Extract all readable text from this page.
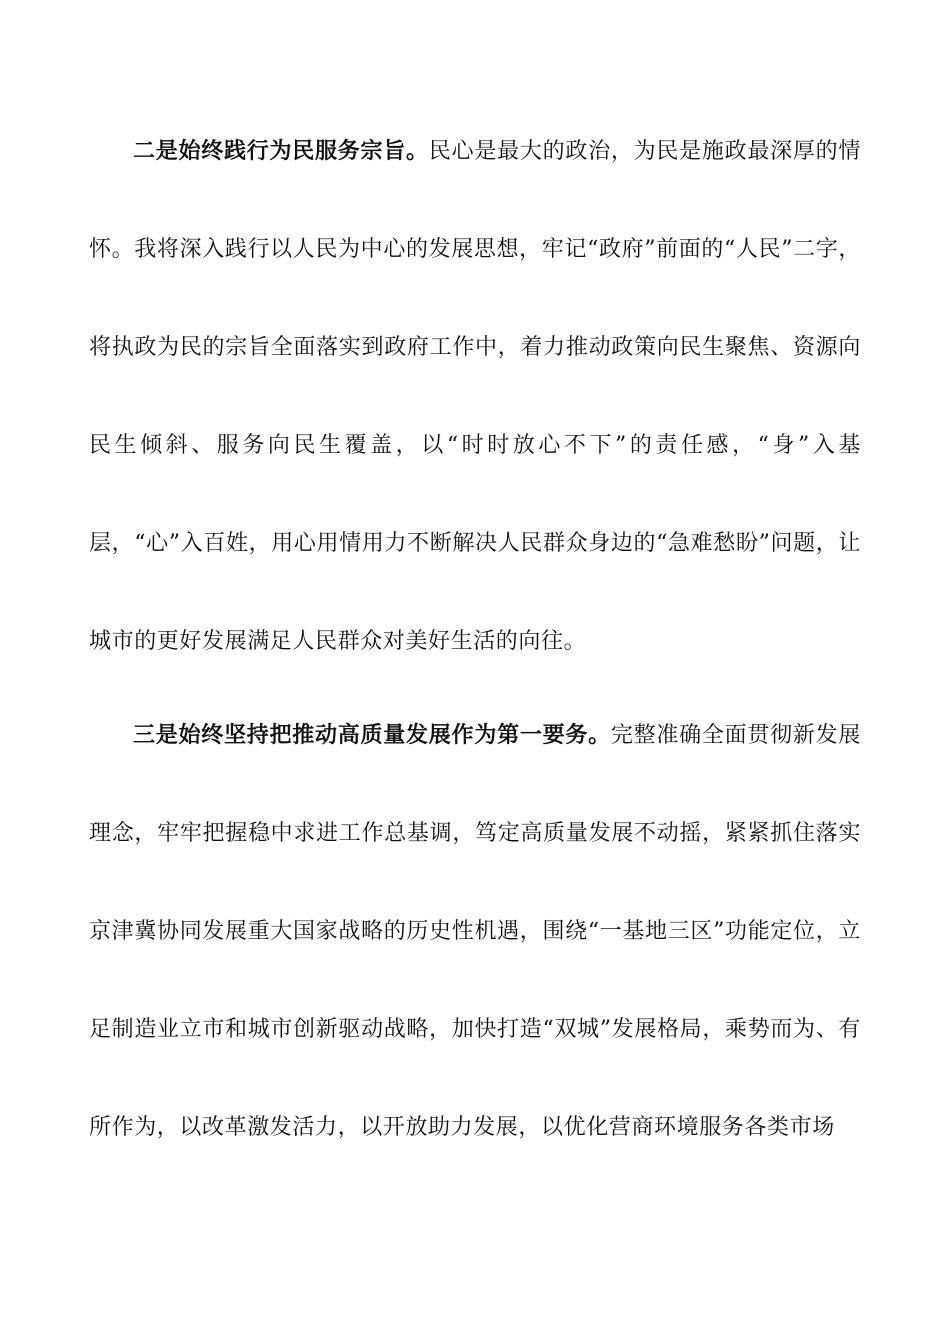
二是始终践行为民服务宗旨。民心是最大的政治，为民是施政最深厚的情怀。我将深入践行以人民为中心的发展思想，牢记“政府”前面的“人民”二字，将执政为民的宗旨全面落实到政府工作中，着力推动政策向民生聚焦、资源向民生倾斜、服务向民生覆盖，以“时时放心不下”的责任感，“身”入基层，“心”入百姓，用心用情用力不断解决人民群众身边的“急难愁盼”问题，让城市的更好发展满足人民群众对美好生活的向往。

三是始终坚持把推动高质量发展作为第一要务。完整准确全面贯彻新发展理念，牢牢把握稳中求进工作总基调，笃定高质量发展不动摇，紧紧抓住落实京津冀协同发展重大国家战略的历史性机遇，围绕“一基地三区”功能定位，立足制造业立市和城市创新驱动战略，加快打造“双城”发展格局，乘势而为、有所作为，以改革激发活力，以开放助力发展，以优化营商环境服务各类市场
